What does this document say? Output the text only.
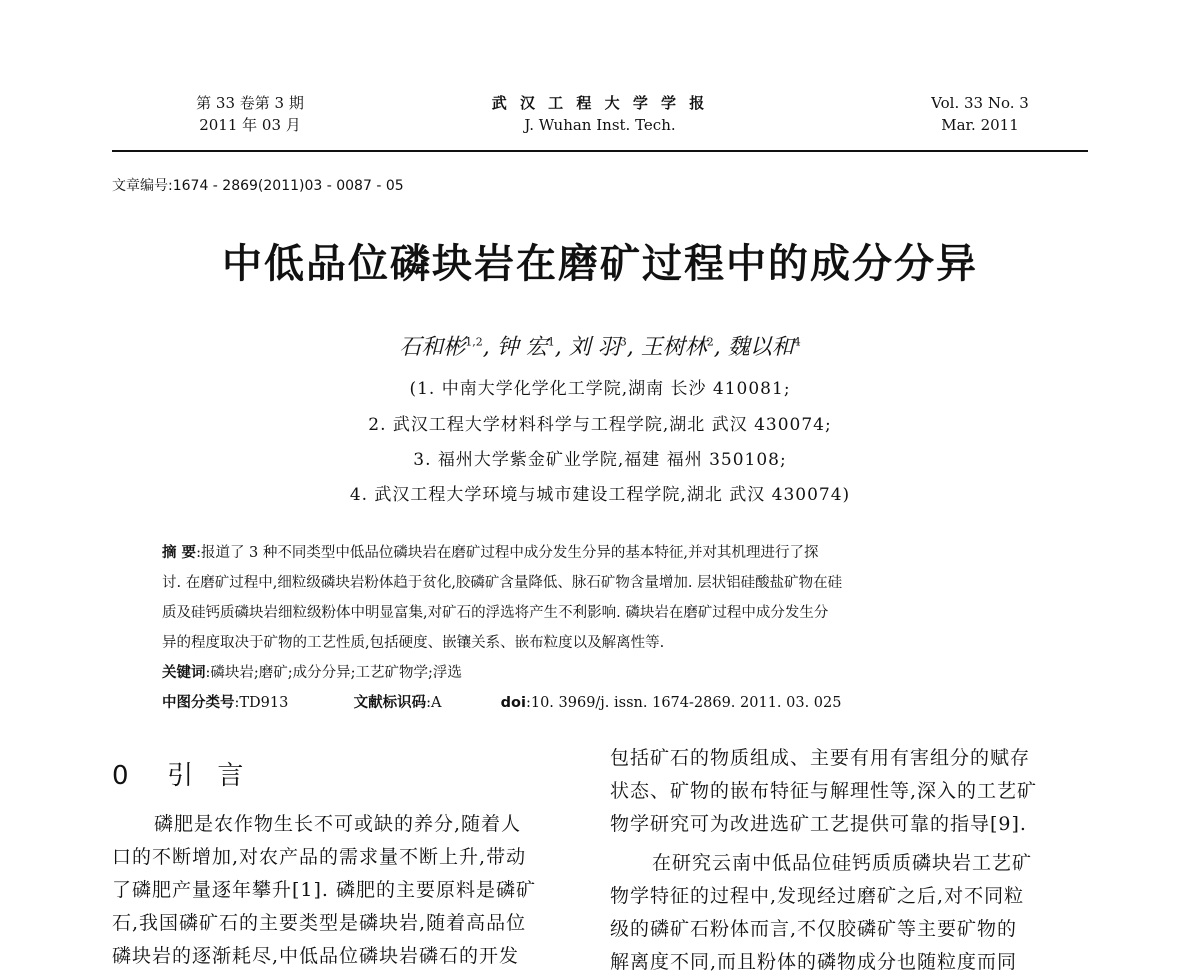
第 33 卷第 3 期
2011 年 03 月
武 汉 工 程 大 学 学 报
J. Wuhan Inst. Tech.
Vol. 33 No. 3
Mar. 2011
文章编号:1674 - 2869(2011)03 - 0087 - 05
中低品位磷块岩在磨矿过程中的成分分异
石和彬$^{1,2}$, 钟 宏$^1$, 刘 羽$^3$, 王树林$^2$, 魏以和$^4$
(1. 中南大学化学化工学院,湖南 长沙 410081;
2. 武汉工程大学材料科学与工程学院,湖北 武汉 430074;
3. 福州大学紫金矿业学院,福建 福州 350108;
4. 武汉工程大学环境与城市建设工程学院,湖北 武汉 430074)
摘 要:报道了 3 种不同类型中低品位磷块岩在磨矿过程中成分发生分异的基本特征,并对其机理进行了探
讨. 在磨矿过程中,细粒级磷块岩粉体趋于贫化,胶磷矿含量降低、脉石矿物含量增加. 层状铝硅酸盐矿物在硅
质及硅钙质磷块岩细粒级粉体中明显富集,对矿石的浮选将产生不利影响. 磷块岩在磨矿过程中成分发生分
异的程度取决于矿物的工艺性质,包括硬度、嵌镶关系、嵌布粒度以及解离性等.
关键词:磷块岩;磨矿;成分分异;工艺矿物学;浮选
中图分类号:TD913	文献标识码:A	doi:10. 3969/j. issn. 1674-2869. 2011. 03. 025
0 引 言

磷肥是农作物生长不可或缺的养分,随着人

口的不断增加,对农产品的需求量不断上升,带动

了磷肥产量逐年攀升[1]. 磷肥的主要原料是磷矿

石,我国磷矿石的主要类型是磷块岩,随着高品位

磷块岩的逐渐耗尽,中低品位磷块岩磷石的开发

包括矿石的物质组成、主要有用有害组分的赋存

状态、矿物的嵌布特征与解理性等,深入的工艺矿

物学研究可为改进选矿工艺提供可靠的指导[9].

在研究云南中低品位硅钙质质磷块岩工艺矿

物学特征的过程中,发现经过磨矿之后,对不同粒

级的磷矿石粉体而言,不仅胶磷矿等主要矿物的

解离度不同,而且粉体的磷物成分也随粒度而同
